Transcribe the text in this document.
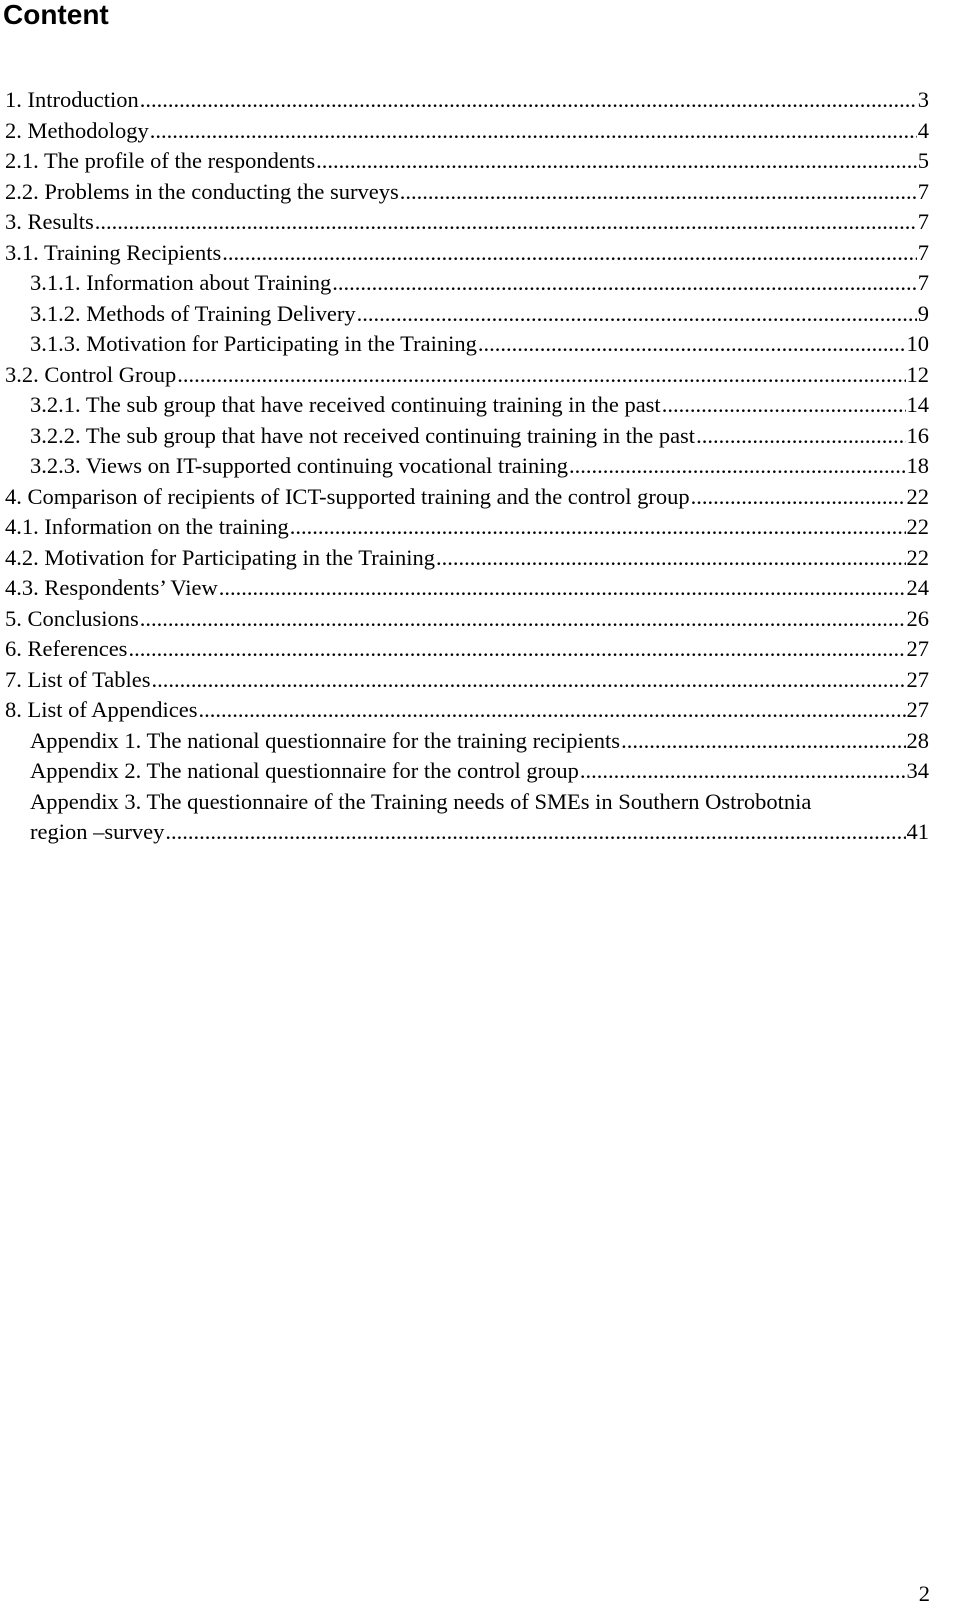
Content
1. Introduction .....	3
2. Methodology .....	4
2.1. The profile of the respondents .....	5
2.2. Problems in the conducting the surveys .....	7
3. Results .....	7
3.1. Training Recipients .....	7
3.1.1. Information about Training .....	7
3.1.2. Methods of Training Delivery .....	9
3.1.3. Motivation for Participating in the Training .....	10
3.2. Control Group .....	12
3.2.1. The sub group that have received continuing training in the past .....	14
3.2.2. The sub group that have not received continuing training in the past .....	16
3.2.3. Views on IT-supported continuing vocational training .....	18
4. Comparison of recipients of ICT-supported training and the control group .....	22
4.1. Information on the training .....	22
4.2. Motivation for Participating in the Training .....	22
4.3. Respondents’ View .....	24
5. Conclusions .....	26
6. References .....	27
7. List of Tables .....	27
8. List of Appendices .....	27
Appendix 1. The national questionnaire for the training recipients .....	28
Appendix 2. The national questionnaire for the control group .....	34
Appendix 3. The questionnaire of the Training needs of SMEs in Southern Ostrobotnia
region –survey .....	41
2
